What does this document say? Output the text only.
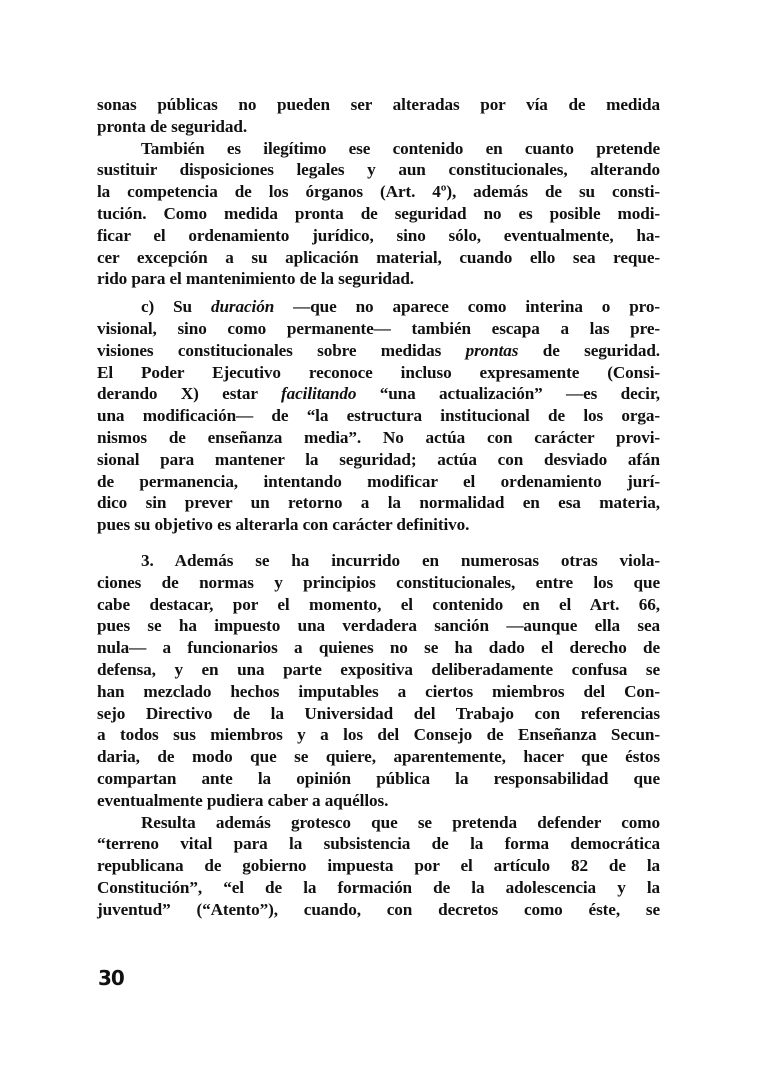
sonas públicas no pueden ser alteradas por vía de medida
pronta de seguridad.
También es ilegítimo ese contenido en cuanto pretende
sustituir disposiciones legales y aun constitucionales, alterando
la competencia de los órganos (Art. 4º), además de su consti-
tución. Como medida pronta de seguridad no es posible modi-
ficar el ordenamiento jurídico, sino sólo, eventualmente, ha-
cer excepción a su aplicación material, cuando ello sea reque-
rido para el mantenimiento de la seguridad.
c) Su duración —que no aparece como interina o pro-
visional, sino como permanente— también escapa a las pre-
visiones constitucionales sobre medidas prontas de seguridad.
El Poder Ejecutivo reconoce incluso expresamente (Consi-
derando X) estar facilitando “una actualización” —es decir,
una modificación— de “la estructura institucional de los orga-
nismos de enseñanza media”. No actúa con carácter provi-
sional para mantener la seguridad; actúa con desviado afán
de permanencia, intentando modificar el ordenamiento jurí-
dico sin prever un retorno a la normalidad en esa materia,
pues su objetivo es alterarla con carácter definitivo.
3. Además se ha incurrido en numerosas otras viola-
ciones de normas y principios constitucionales, entre los que
cabe destacar, por el momento, el contenido en el Art. 66,
pues se ha impuesto una verdadera sanción —aunque ella sea
nula— a funcionarios a quienes no se ha dado el derecho de
defensa, y en una parte expositiva deliberadamente confusa se
han mezclado hechos imputables a ciertos miembros del Con-
sejo Directivo de la Universidad del Trabajo con referencias
a todos sus miembros y a los del Consejo de Enseñanza Secun-
daria, de modo que se quiere, aparentemente, hacer que éstos
compartan ante la opinión pública la responsabilidad que
eventualmente pudiera caber a aquéllos.
Resulta además grotesco que se pretenda defender como
“terreno vital para la subsistencia de la forma democrática
republicana de gobierno impuesta por el artículo 82 de la
Constitución”, “el de la formación de la adolescencia y la
juventud” (“Atento”), cuando, con decretos como éste, se
30
